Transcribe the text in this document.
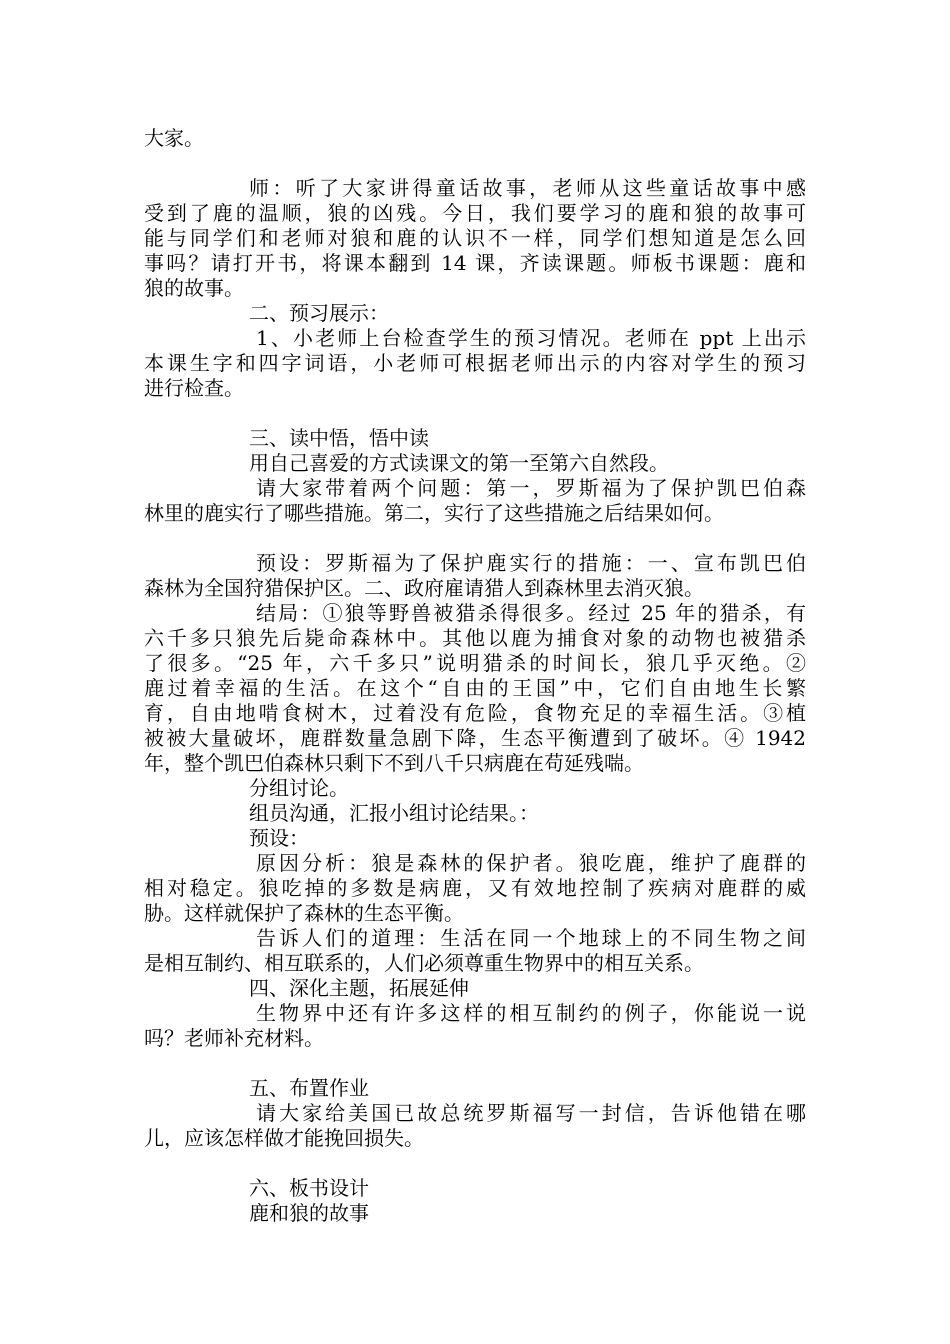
大家。
师：听了大家讲得童话故事，老师从这些童话故事中感
受到了鹿的温顺，狼的凶残。今日，我们要学习的鹿和狼的故事可
能与同学们和老师对狼和鹿的认识不一样，同学们想知道是怎么回
事吗？请打开书，将课本翻到 14 课，齐读课题。师板书课题：鹿和
狼的故事。
二、预习展示：
1、小老师上台检查学生的预习情况。老师在 ppt 上出示
本课生字和四字词语，小老师可根据老师出示的内容对学生的预习
进行检查。
三、读中悟，悟中读
用自己喜爱的方式读课文的第一至第六自然段。
请大家带着两个问题：第一，罗斯福为了保护凯巴伯森
林里的鹿实行了哪些措施。第二，实行了这些措施之后结果如何。
预设：罗斯福为了保护鹿实行的措施：一、宣布凯巴伯
森林为全国狩猎保护区。二、政府雇请猎人到森林里去消灭狼。
结局：①狼等野兽被猎杀得很多。经过 25 年的猎杀，有
六千多只狼先后毙命森林中。其他以鹿为捕食对象的动物也被猎杀
了很多。“25 年，六千多只”说明猎杀的时间长，狼几乎灭绝。②
鹿过着幸福的生活。在这个“自由的王国”中，它们自由地生长繁
育，自由地啃食树木，过着没有危险，食物充足的幸福生活。③植
被被大量破坏，鹿群数量急剧下降，生态平衡遭到了破坏。④ 1942
年，整个凯巴伯森林只剩下不到八千只病鹿在苟延残喘。
分组讨论。
组员沟通，汇报小组讨论结果。：
预设：
原因分析：狼是森林的保护者。狼吃鹿，维护了鹿群的
相对稳定。狼吃掉的多数是病鹿，又有效地控制了疾病对鹿群的威
胁。这样就保护了森林的生态平衡。
告诉人们的道理：生活在同一个地球上的不同生物之间
是相互制约、相互联系的，人们必须尊重生物界中的相互关系。
四、深化主题，拓展延伸
生物界中还有许多这样的相互制约的例子，你能说一说
吗？老师补充材料。
五、布置作业
请大家给美国已故总统罗斯福写一封信，告诉他错在哪
儿，应该怎样做才能挽回损失。
六、板书设计
鹿和狼的故事
